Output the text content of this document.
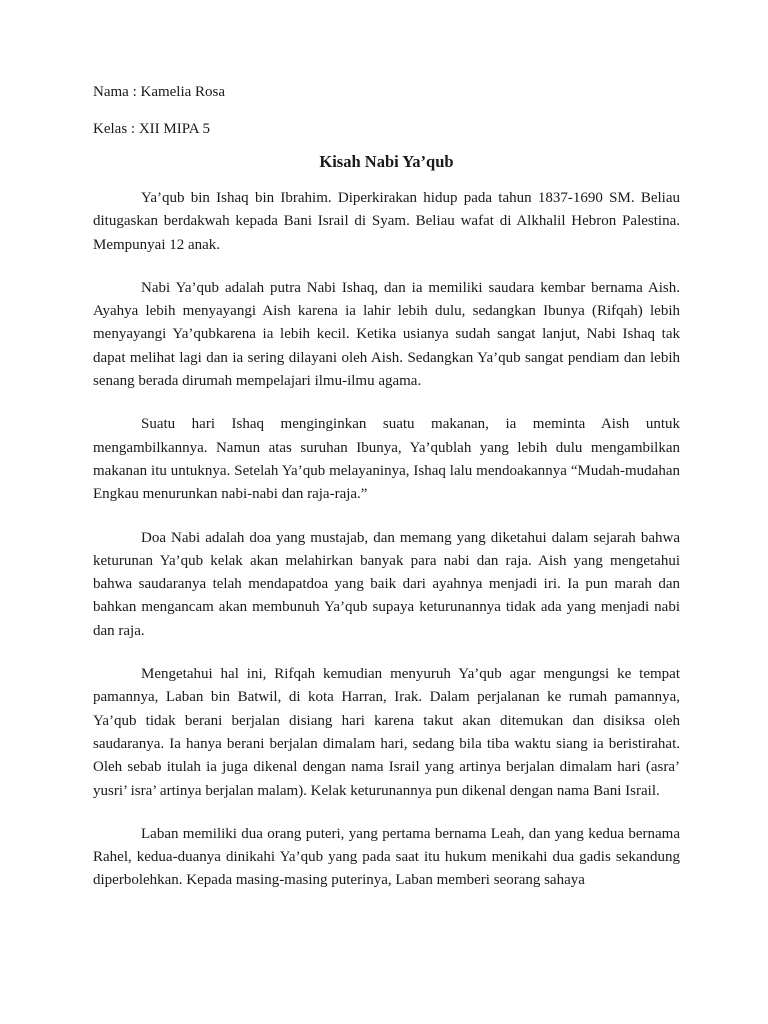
Nama : Kamelia Rosa

Kelas : XII MIPA 5

Kisah Nabi Ya’qub

Ya’qub bin Ishaq bin Ibrahim. Diperkirakan hidup pada tahun 1837-1690 SM. Beliau ditugaskan berdakwah kepada Bani Israil di Syam. Beliau wafat di Alkhalil Hebron Palestina. Mempunyai 12 anak.

Nabi Ya’qub adalah putra Nabi Ishaq, dan ia memiliki saudara kembar bernama Aish. Ayahya lebih menyayangi Aish karena ia lahir lebih dulu, sedangkan Ibunya (Rifqah) lebih menyayangi Ya’qubkarena ia lebih kecil. Ketika usianya sudah sangat lanjut, Nabi Ishaq tak dapat melihat lagi dan ia sering dilayani oleh Aish. Sedangkan Ya’qub sangat pendiam dan lebih senang berada dirumah mempelajari ilmu-ilmu agama.

Suatu hari Ishaq menginginkan suatu makanan, ia meminta Aish untuk mengambilkannya. Namun atas suruhan Ibunya, Ya’qublah yang lebih dulu mengambilkan makanan itu untuknya. Setelah Ya’qub melayaninya, Ishaq lalu mendoakannya “Mudah-mudahan Engkau menurunkan nabi-nabi dan raja-raja.”

Doa Nabi adalah doa yang mustajab, dan memang yang diketahui dalam sejarah bahwa keturunan Ya’qub kelak akan melahirkan banyak para nabi dan raja. Aish yang mengetahui bahwa saudaranya telah mendapatdoa yang baik dari ayahnya menjadi iri. Ia pun marah dan bahkan mengancam akan membunuh Ya’qub supaya keturunannya tidak ada yang menjadi nabi dan raja.

Mengetahui hal ini, Rifqah kemudian menyuruh Ya’qub agar mengungsi ke tempat pamannya, Laban bin Batwil, di kota Harran, Irak. Dalam perjalanan ke rumah pamannya, Ya’qub tidak berani berjalan disiang hari karena takut akan ditemukan dan disiksa oleh saudaranya. Ia hanya berani berjalan dimalam hari, sedang bila tiba waktu siang ia beristirahat. Oleh sebab itulah ia juga dikenal dengan nama Israil yang artinya berjalan dimalam hari (asra’ yusri’ isra’ artinya berjalan malam). Kelak keturunannya pun dikenal dengan nama Bani Israil.

Laban memiliki dua orang puteri, yang pertama bernama Leah, dan yang kedua bernama Rahel, kedua-duanya dinikahi Ya’qub yang pada saat itu hukum menikahi dua gadis sekandung diperbolehkan. Kepada masing-masing puterinya, Laban memberi seorang sahaya
